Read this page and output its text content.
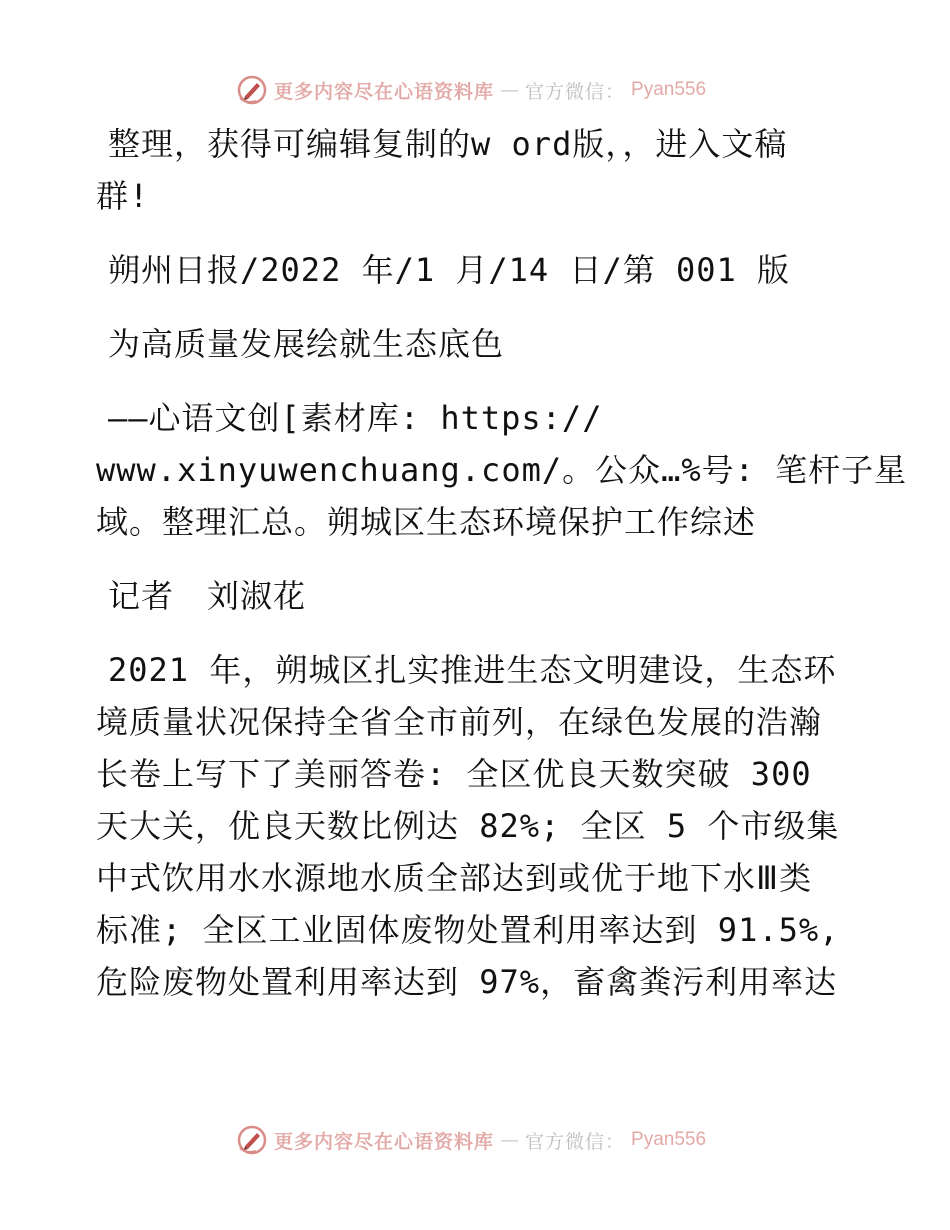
更多内容尽在心语资料库 — 官方微信： Pyan556

整理，获得可编辑复制的w ord版，，进入文稿
群!

朔州日报/2022 年/1 月/14 日/第 001 版

为高质量发展绘就生态底色

——心语文创[素材库: https://
www.xinyuwenchuang.com/。公众…%号: 笔杆子星
域。整理汇总。朔城区生态环境保护工作综述

记者　刘淑花

2021 年，朔城区扎实推进生态文明建设，生态环
境质量状况保持全省全市前列，在绿色发展的浩瀚
长卷上写下了美丽答卷: 全区优良天数突破 300
天大关，优良天数比例达 82%; 全区 5 个市级集
中式饮用水水源地水质全部达到或优于地下水Ⅲ类
标准; 全区工业固体废物处置利用率达到 91.5%,
危险废物处置利用率达到 97%，畜禽粪污利用率达

更多内容尽在心语资料库 — 官方微信： Pyan556
